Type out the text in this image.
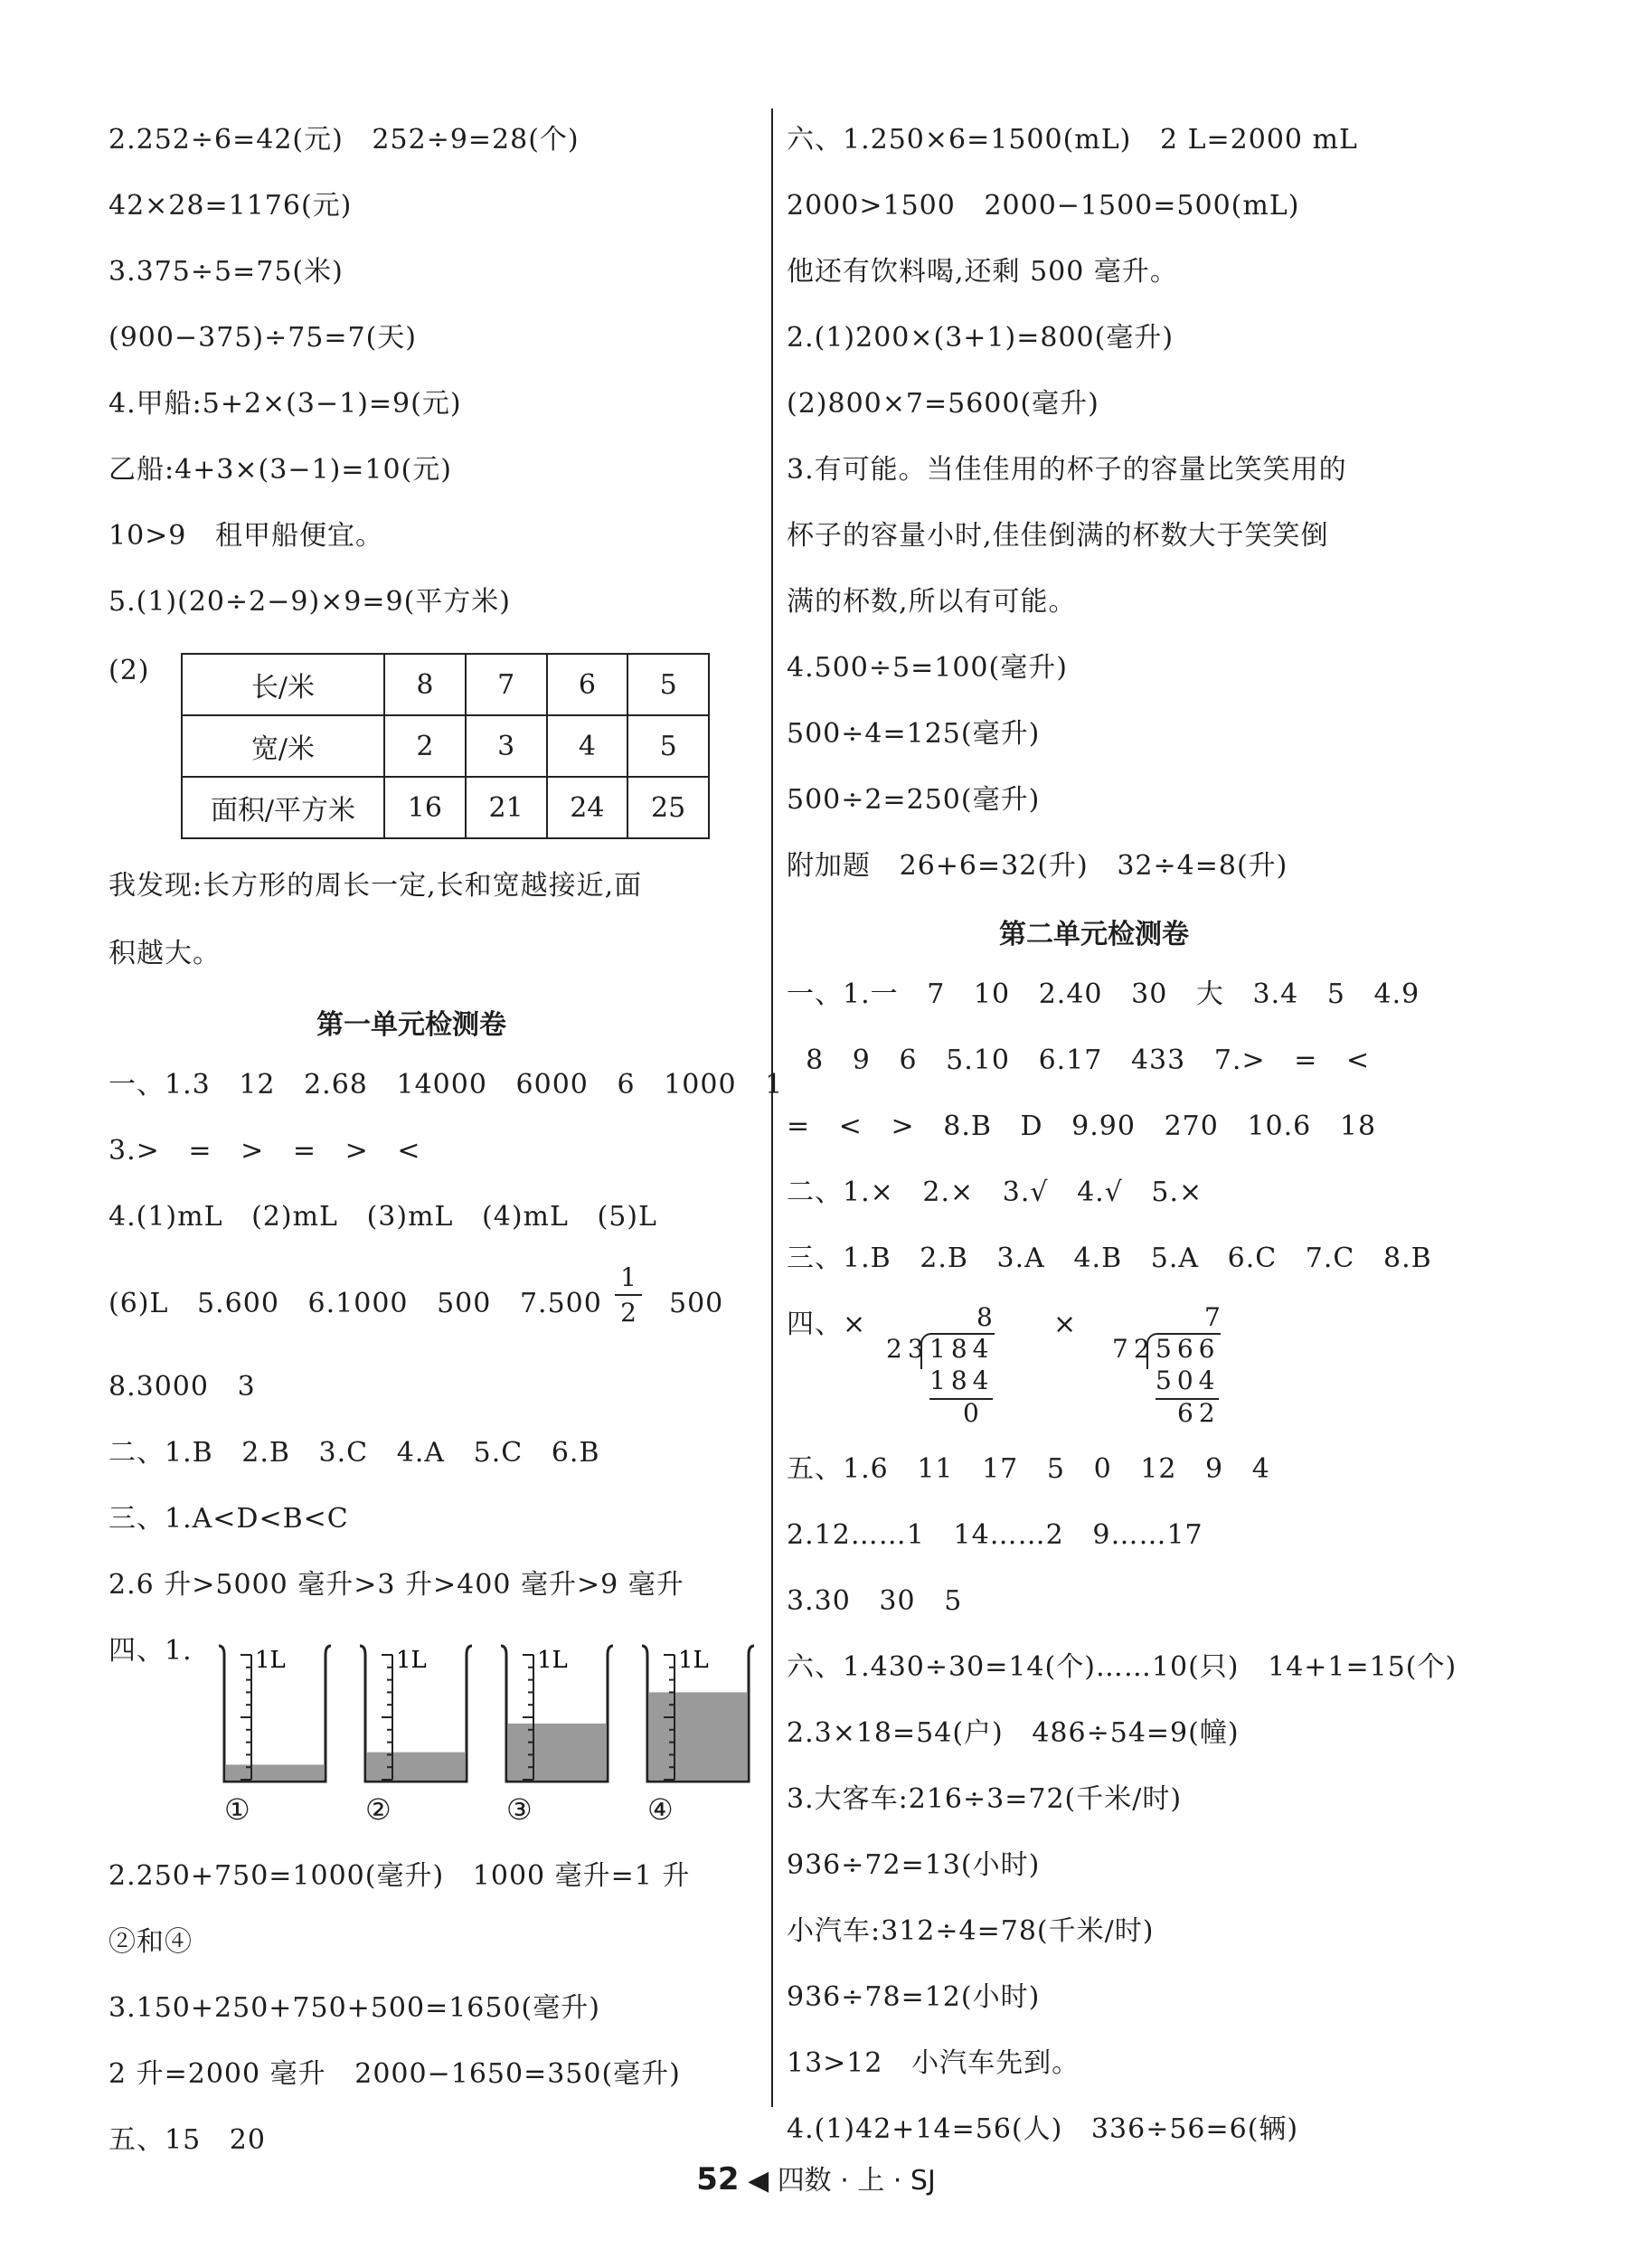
2.252÷6=42(元)   252÷9=28(个)
42×28=1176(元)
3.375÷5=75(米)
(900−375)÷75=7(天)
4.甲船:5+2×(3−1)=9(元)
乙船:4+3×(3−1)=10(元)
10>9   租甲船便宜。
5.(1)(20÷2−9)×9=9(平方米)
(2)
长/米	8	7	6	5
宽/米	2	3	4	5
面积/平方米	16	21	24	25
我发现:长方形的周长一定,长和宽越接近,面
积越大。
第一单元检测卷
一、1.3   12   2.68   14000   6000   6   1000   1
3.>   =   >   =   >   <
4.(1)mL   (2)mL   (3)mL   (4)mL   (5)L
(6)L   5.600   6.1000   500   7.500
1
2 500
8.3000   3
二、1.B   2.B   3.C   4.A   5.C   6.B
三、1.A<D<B<C
2.6 升>5000 毫升>3 升>400 毫升>9 毫升
四、1.	1L	1L	1L	1L
①	②	③	④
2.250+750=1000(毫升)   1000 毫升=1 升
②和④
3.150+250+750+500=1650(毫升)
2 升=2000 毫升   2000−1650=350(毫升)
五、15   20
六、1.250×6=1500(mL)   2 L=2000 mL
2000>1500   2000−1500=500(mL)
他还有饮料喝,还剩 500 毫升。
2.(1)200×(3+1)=800(毫升)
(2)800×7=5600(毫升)
3.有可能。当佳佳用的杯子的容量比笑笑用的
杯子的容量小时,佳佳倒满的杯数大于笑笑倒
满的杯数,所以有可能。
4.500÷5=100(毫升)
500÷4=125(毫升)
500÷2=250(毫升)
附加题   26+6=32(升)   32÷4=8(升)
第二单元检测卷
一、1.一   7   10   2.40   30   大   3.4   5   4.9
8   9   6   5.10   6.17   433   7.>   =   <
=   <   >   8.B   D   9.90   270   10.6   18
二、1.×   2.×   3.√   4.√   5.×
三、1.B   2.B   3.A   4.B   5.A   6.C   7.C   8.B
四、×	8
23 184
184
0
×	7
72 566
504
62
五、1.6   11   17   5   0   12   9   4
2.12……1   14……2   9……17
3.30   30   5
六、1.430÷30=14(个)……10(只)   14+1=15(个)
2.3×18=54(户)   486÷54=9(幢)
3.大客车:216÷3=72(千米/时)
936÷72=13(小时)
小汽车:312÷4=78(千米/时)
936÷78=12(小时)
13>12   小汽车先到。
4.(1)42+14=56(人)   336÷56=6(辆)
52 ◀ 四数 · 上 · SJ
